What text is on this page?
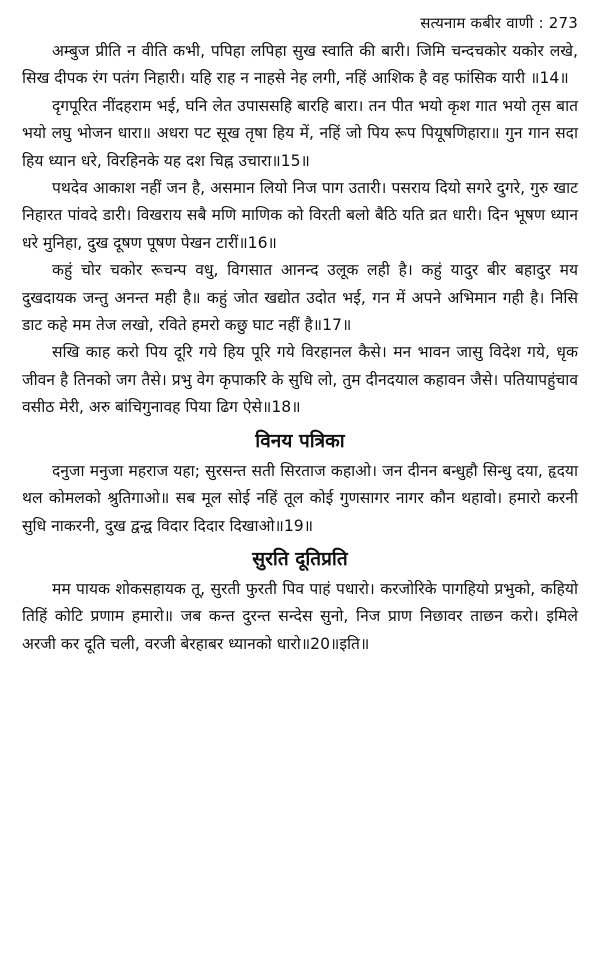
सत्यनाम कबीर वाणी : 273

अम्बुज प्रीति न वीति कभी, पपिहा लपिहा सुख स्वाति की बारी। जिमि चन्दचकोर यकोर लखे, सिख दीपक रंग पतंग निहारी। यहि राह न नाहसे नेह लगी, नहिं आशिक है वह फांसिक यारी ॥14॥

दृगपूरित नींदहराम भई, घनि लेत उपाससहि बारहि बारा। तन पीत भयो कृश गात भयो तृस बात भयो लघु भोजन धारा॥ अधरा पट सूख तृषा हिय में, नहिं जो पिय रूप पियूषणिहारा॥ गुन गान सदा हिय ध्यान धरे, विरहिनके यह दश चिह्न उचारा॥15॥

पथदेव आकाश नहीं जन है, असमान लियो निज पाग उतारी। पसराय दियो सगरे दुगरे, गुरु खाट निहारत पांवदे डारी। विखराय सबै मणि माणिक को विरती बलो बैठि यति व्रत धारी। दिन भूषण ध्यान धरे मुनिहा, दुख दूषण पूषण पेखन टारीं॥16॥

कहुं चोर चकोर रूचन्प वधु, विगसात आनन्द उलूक लही है। कहुं यादुर बीर बहादुर मय दुखदायक जन्तु अनन्त मही है॥ कहुं जोत खद्योत उदोत भई, गन में अपने अभिमान गही है। निसि डाट कहे मम तेज लखो, रविते हमरो कछु घाट नहीं है॥17॥

सखि काह करो पिय दूरि गये हिय पूरि गये विरहानल कैसे। मन भावन जासु विदेश गये, धृक जीवन है तिनको जग तैसे। प्रभु वेग कृपाकरि के सुधि लो, तुम दीनदयाल कहावन जैसे। पतियापहुंचाव वसीठ मेरी, अरु बांचिगुनावह पिया ढिग ऐसे॥18॥

विनय पत्रिका

दनुजा मनुजा महराज यहा; सुरसन्त सती सिरताज कहाओ। जन दीनन बन्धुहौ सिन्धु दया, हृदया थल कोमलको श्रुतिगाओ॥ सब मूल सोई नहिं तूल कोई गुणसागर नागर कौन थहावो। हमारो करनी सुधि नाकरनी, दुख द्वन्द्व विदार दिदार दिखाओ॥19॥

सुरति दूतिप्रति

मम पायक शोकसहायक तू, सुरती फुरती पिव पाहं पधारो। करजोरिके पागहियो प्रभुको, कहियो तिहिं कोटि प्रणाम हमारो॥ जब कन्त दुरन्त सन्देस सुनो, निज प्राण निछावर ताछन करो। इमिले अरजी कर दूति चली, वरजी बेरहाबर ध्यानको धारो॥20॥इति॥
